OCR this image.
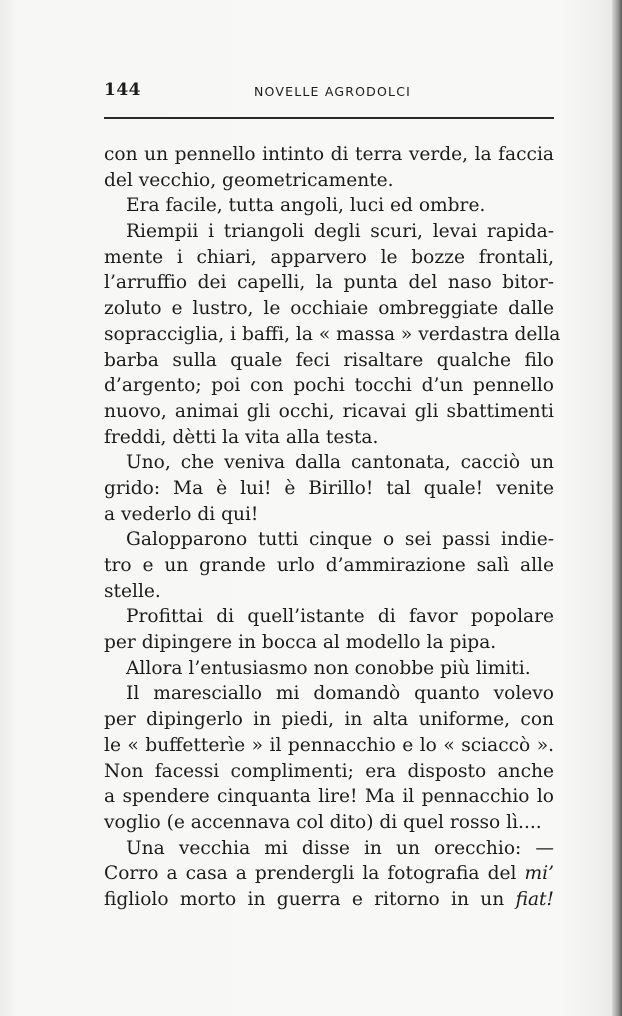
144	NOVELLE AGRODOLCI
con un pennello intinto di terra verde, la faccia
del vecchio, geometricamente.
Era facile, tutta angoli, luci ed ombre.
Riempii i triangoli degli scuri, levai rapida-
mente i chiari, apparvero le bozze frontali,
l’arruffio dei capelli, la punta del naso bitor-
zoluto e lustro, le occhiaie ombreggiate dalle
sopracciglia, i baffi, la « massa » verdastra della
barba sulla quale feci risaltare qualche filo
d’argento; poi con pochi tocchi d’un pennello
nuovo, animai gli occhi, ricavai gli sbattimenti
freddi, dètti la vita alla testa.
Uno, che veniva dalla cantonata, cacciò un
grido: Ma è lui! è Birillo! tal quale! venite
a vederlo di qui!
Galopparono tutti cinque o sei passi indie-
tro e un grande urlo d’ammirazione salì alle
stelle.
Profittai di quell’istante di favor popolare
per dipingere in bocca al modello la pipa.
Allora l’entusiasmo non conobbe più limiti.
Il maresciallo mi domandò quanto volevo
per dipingerlo in piedi, in alta uniforme, con
le « buffetterìe » il pennacchio e lo « sciaccò ».
Non facessi complimenti; era disposto anche
a spendere cinquanta lire! Ma il pennacchio lo
voglio (e accennava col dito) di quel rosso lì....
Una vecchia mi disse in un orecchio: —
Corro a casa a prendergli la fotografia del mi’
figliolo morto in guerra e ritorno in un fiat!
